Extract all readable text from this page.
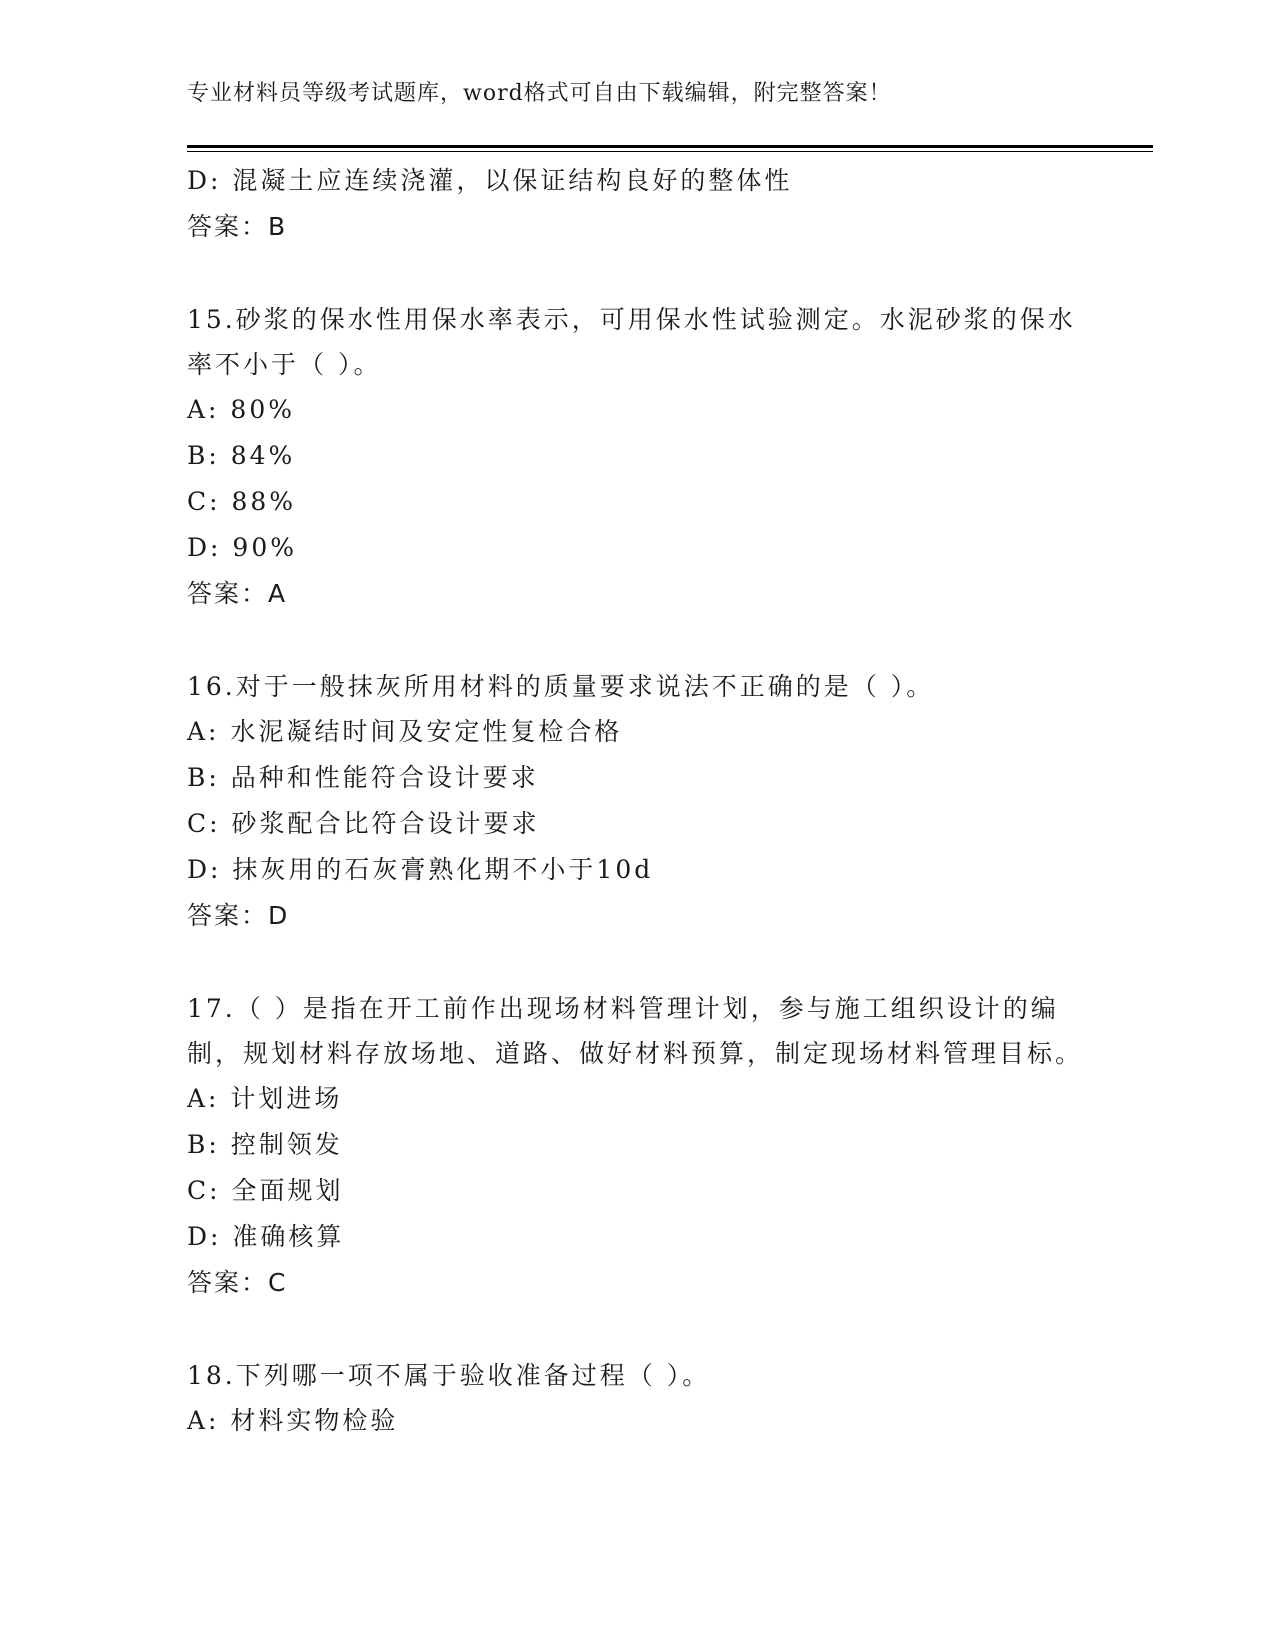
专业材料员等级考试题库，word格式可自由下载编辑，附完整答案！
D: 混凝土应连续浇灌，以保证结构良好的整体性
答案：B
15.砂浆的保水性用保水率表示，可用保水性试验测定。水泥砂浆的保水率不小于（ ）。
A: 80%
B: 84%
C: 88%
D: 90%
答案：A
16.对于一般抹灰所用材料的质量要求说法不正确的是（ ）。
A: 水泥凝结时间及安定性复检合格
B: 品种和性能符合设计要求
C: 砂浆配合比符合设计要求
D: 抹灰用的石灰膏熟化期不小于10d
答案：D
17.（ ）是指在开工前作出现场材料管理计划，参与施工组织设计的编制，规划材料存放场地、道路、做好材料预算，制定现场材料管理目标。
A: 计划进场
B: 控制领发
C: 全面规划
D: 准确核算
答案：C
18.下列哪一项不属于验收准备过程（ ）。
A: 材料实物检验
